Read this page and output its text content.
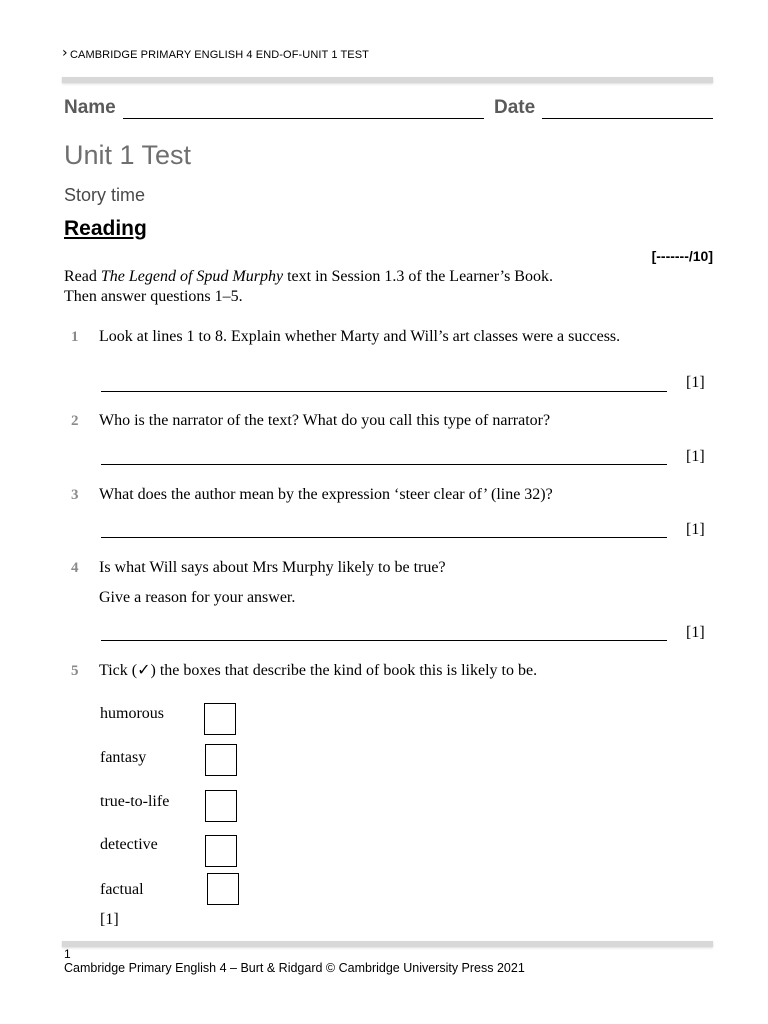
› CAMBRIDGE PRIMARY ENGLISH 4 END-OF-UNIT 1 TEST
Name	Date
Unit 1 Test
Story time
Reading
[-------/10]
Read The Legend of Spud Murphy text in Session 1.3 of the Learner’s Book.
Then answer questions 1–5.
1 Look at lines 1 to 8. Explain whether Marty and Will’s art classes were a success.
[1]
2 Who is the narrator of the text? What do you call this type of narrator?
[1]
3 What does the author mean by the expression ‘steer clear of’ (line 32)?
[1]
4 Is what Will says about Mrs Murphy likely to be true?
Give a reason for your answer.
[1]
5 Tick (✓) the boxes that describe the kind of book this is likely to be.
humorous
fantasy
true-to-life
detective
factual
[1]
1
Cambridge Primary English 4 – Burt & Ridgard © Cambridge University Press 2021
